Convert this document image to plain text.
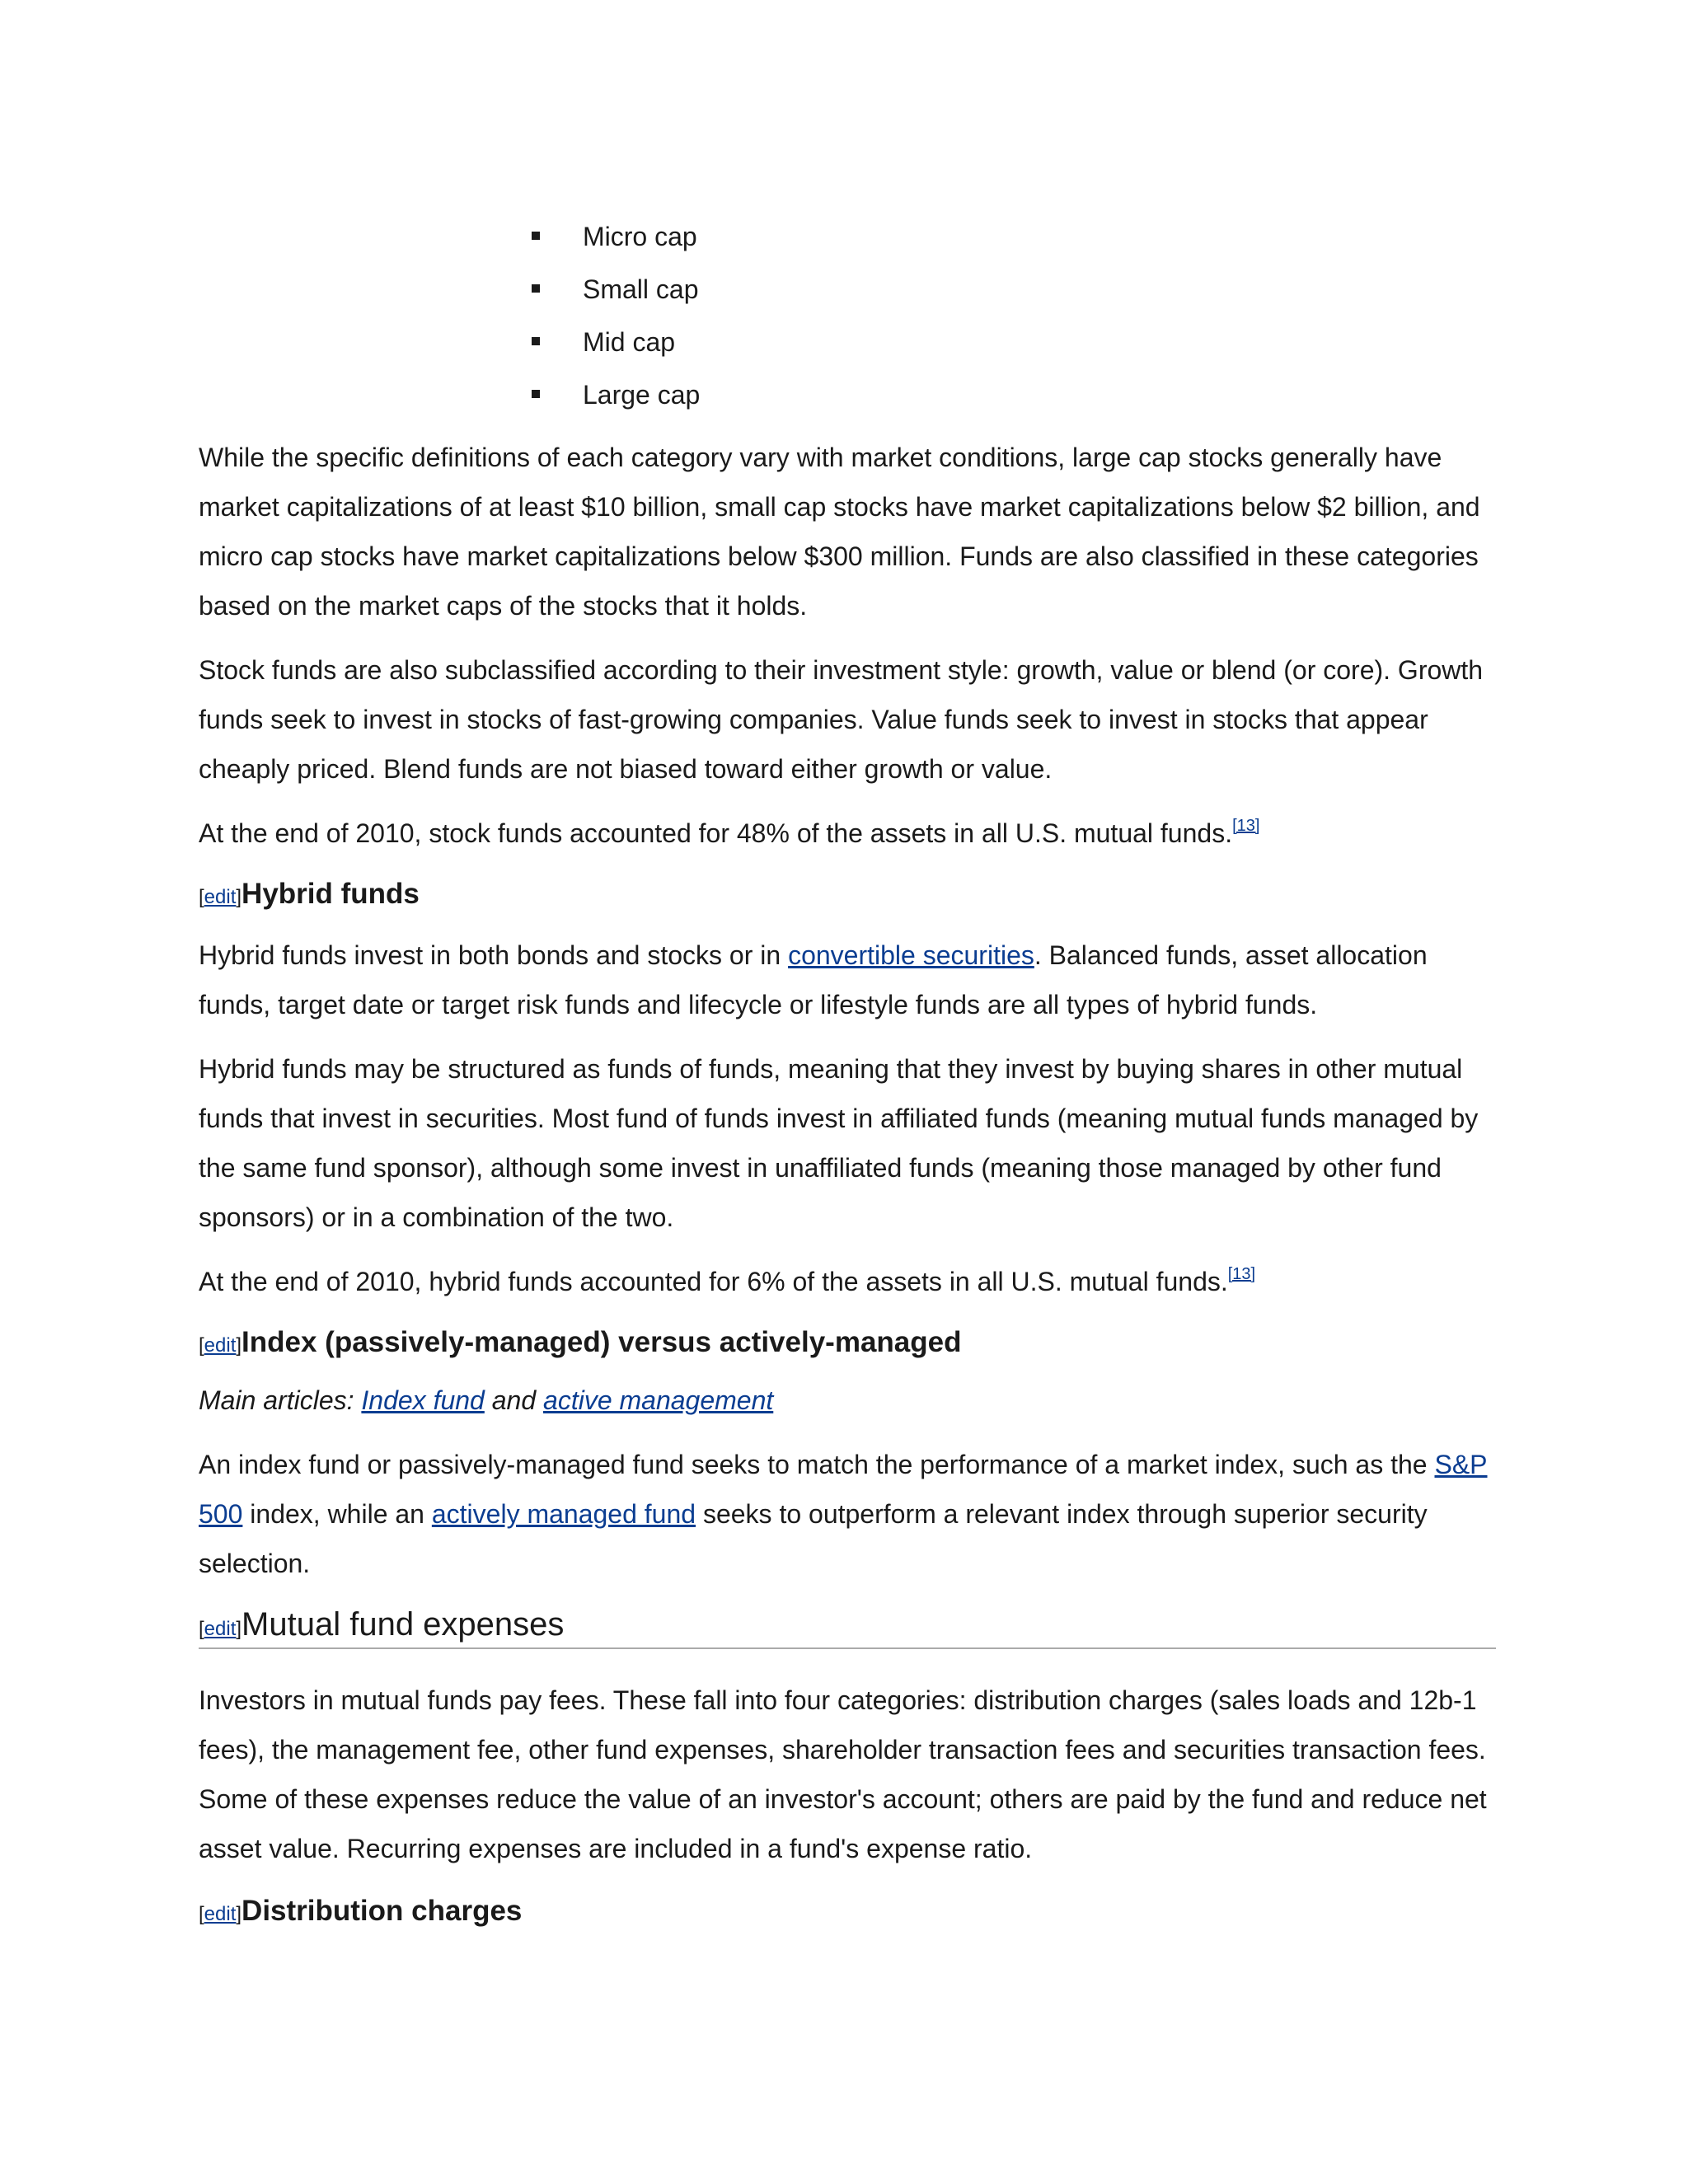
Micro cap
Small cap
Mid cap
Large cap

While the specific definitions of each category vary with market conditions, large cap stocks generally have market capitalizations of at least $10 billion, small cap stocks have market capitalizations below $2 billion, and micro cap stocks have market capitalizations below $300 million. Funds are also classified in these categories based on the market caps of the stocks that it holds.

Stock funds are also subclassified according to their investment style: growth, value or blend (or core). Growth funds seek to invest in stocks of fast-growing companies. Value funds seek to invest in stocks that appear cheaply priced. Blend funds are not biased toward either growth or value.

At the end of 2010, stock funds accounted for 48% of the assets in all U.S. mutual funds.[13]

[edit]Hybrid funds

Hybrid funds invest in both bonds and stocks or in convertible securities. Balanced funds, asset allocation funds, target date or target risk funds and lifecycle or lifestyle funds are all types of hybrid funds.

Hybrid funds may be structured as funds of funds, meaning that they invest by buying shares in other mutual funds that invest in securities. Most fund of funds invest in affiliated funds (meaning mutual funds managed by the same fund sponsor), although some invest in unaffiliated funds (meaning those managed by other fund sponsors) or in a combination of the two.

At the end of 2010, hybrid funds accounted for 6% of the assets in all U.S. mutual funds.[13]

[edit]Index (passively-managed) versus actively-managed

Main articles: Index fund and active management

An index fund or passively-managed fund seeks to match the performance of a market index, such as the S&P 500 index, while an actively managed fund seeks to outperform a relevant index through superior security selection.

[edit]Mutual fund expenses

Investors in mutual funds pay fees. These fall into four categories: distribution charges (sales loads and 12b-1 fees), the management fee, other fund expenses, shareholder transaction fees and securities transaction fees. Some of these expenses reduce the value of an investor's account; others are paid by the fund and reduce net asset value. Recurring expenses are included in a fund's expense ratio.

[edit]Distribution charges
